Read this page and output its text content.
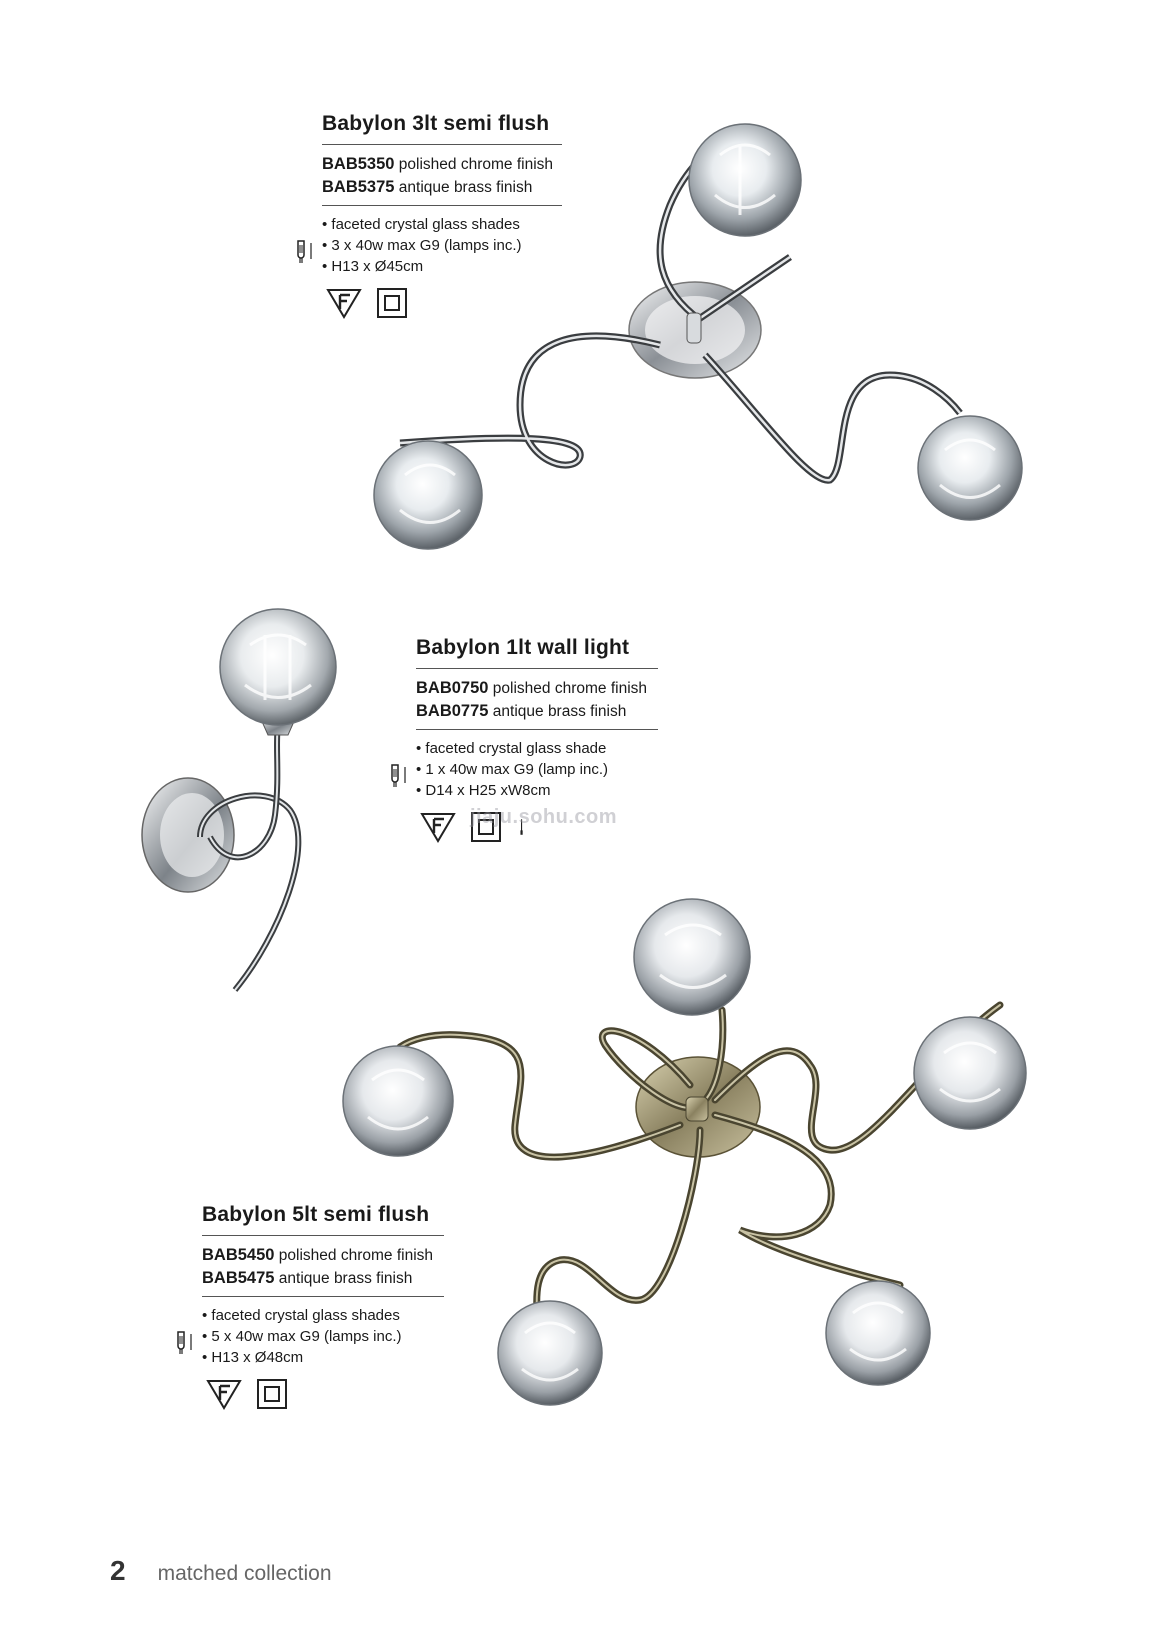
Babylon 3lt semi flush
BAB5350 polished chrome finish
BAB5375 antique brass finish
• faceted crystal glass shades
• 3 x 40w max G9 (lamps inc.)
• H13 x Ø45cm
Babylon 1lt wall light
BAB0750 polished chrome finish
BAB0775 antique brass finish
• faceted crystal glass shade
• 1 x 40w max G9 (lamp inc.)
• D14 x H25 xW8cm
jiaju.sohu.com
Babylon 5lt semi flush
BAB5450 polished chrome finish
BAB5475 antique brass finish
• faceted crystal glass shades
• 5 x 40w max G9 (lamps inc.)
• H13 x Ø48cm
2 matched collection
